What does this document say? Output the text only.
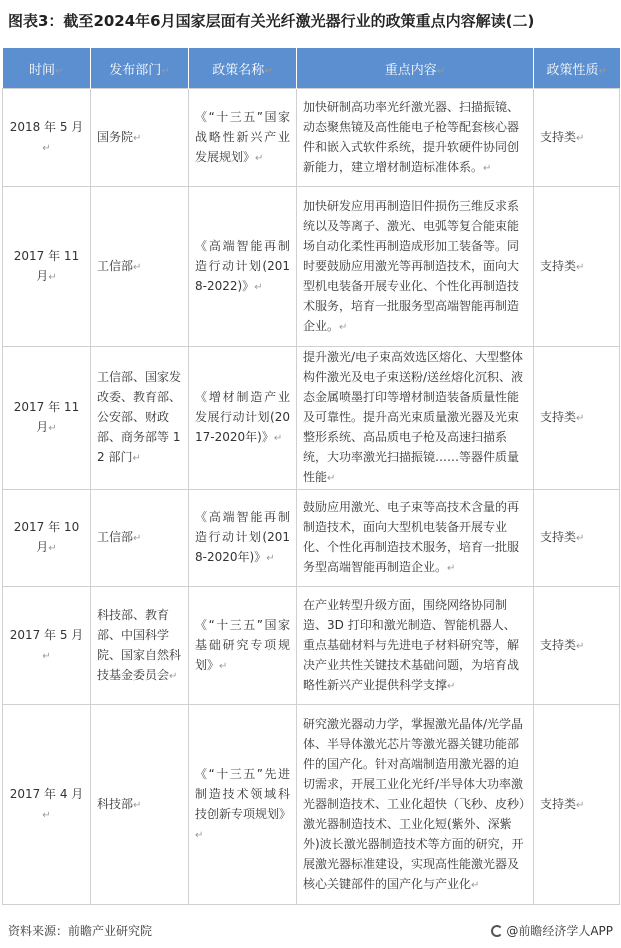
图表3：截至2024年6月国家层面有关光纤激光器行业的政策重点内容解读(二)
时间↵	发布部门↵	政策名称↵	重点内容↵	政策性质↵
2018 年 5 月↵	国务院↵	《“十三五”国家战略性新兴产业发展规划》↵	加快研制高功率光纤激光器、扫描振镜、动态聚焦镜及高性能电子枪等配套核心器件和嵌入式软件系统，提升软硬件协同创新能力，建立增材制造标准体系。↵	支持类↵
2017 年 11 月↵	工信部↵	《高端智能再制造行动计划(2018-2022)》↵	加快研发应用再制造旧件损伤三维反求系统以及等离子、激光、电弧等复合能束能场自动化柔性再制造成形加工装备等。同时要鼓励应用激光等再制造技术，面向大型机电装备开展专业化、个性化再制造技术服务，培育一批服务型高端智能再制造企业。↵	支持类↵
2017 年 11 月↵	工信部、国家发改委、教育部、公安部、财政部、商务部等 12 部门↵	《增材制造产业发展行动计划(2017-2020年)》↵	提升激光/电子束高效选区熔化、大型整体构件激光及电子束送粉/送丝熔化沉积、液态金属喷墨打印等增材制造装备质量性能及可靠性。提升高光束质量激光器及光束整形系统、高品质电子枪及高速扫描系统，大功率激光扫描振镜……等器件质量性能↵	支持类↵
2017 年 10 月↵	工信部↵	《高端智能再制造行动计划(2018-2020年)》↵	鼓励应用激光、电子束等高技术含量的再制造技术，面向大型机电装备开展专业化、个性化再制造技术服务，培育一批服务型高端智能再制造企业。↵	支持类↵
2017 年 5 月↵	科技部、教育部、中国科学院、国家自然科技基金委员会↵	《“十三五”国家基础研究专项规划》↵	在产业转型升级方面，围绕网络协同制造、3D 打印和激光制造、智能机器人、重点基础材料与先进电子材料研究等，解决产业共性关键技术基础问题，为培育战略性新兴产业提供科学支撑↵	支持类↵
2017 年 4 月↵	科技部↵	《“十三五”先进制造技术领域科技创新专项规划》↵	研究激光器动力学，掌握激光晶体/光学晶体、半导体激光芯片等激光器关键功能部件的国产化。针对高端制造用激光器的迫切需求，开展工业化光纤/半导体大功率激光器制造技术、工业化超快（飞秒、皮秒）激光器制造技术、工业化短(紫外、深紫外)波长激光器制造技术等方面的研究，开展激光器标准建设，实现高性能激光器及核心关键部件的国产化与产业化↵	支持类↵
资料来源：前瞻产业研究院	@前瞻经济学人APP
